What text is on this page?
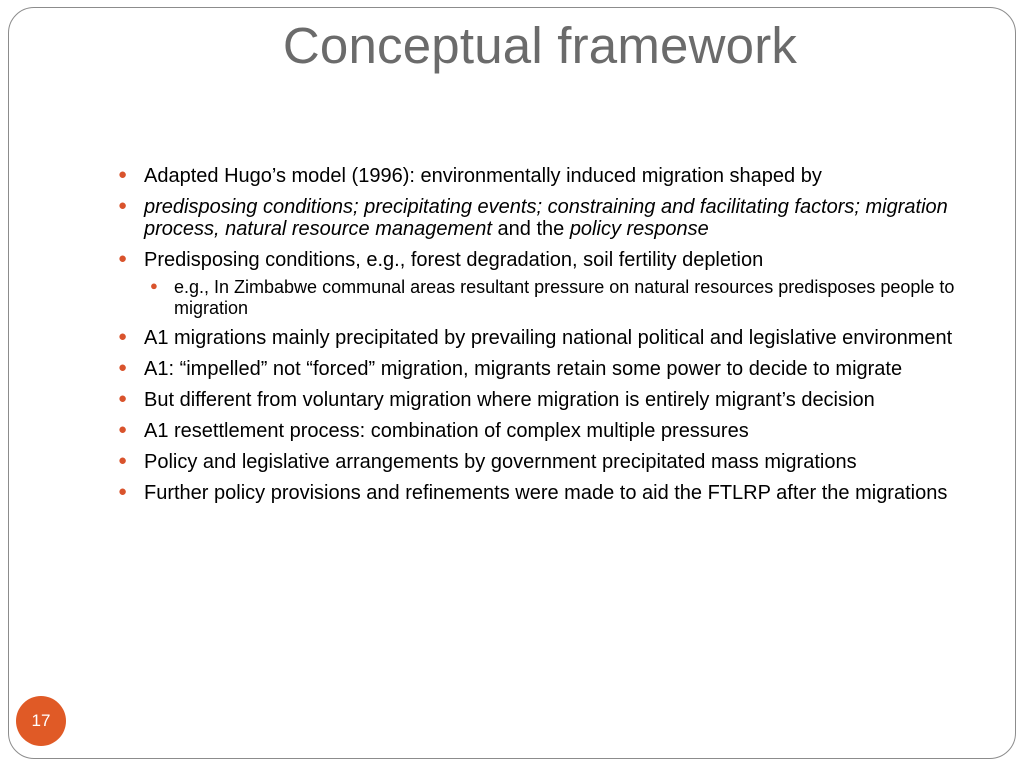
Conceptual framework
● Adapted Hugo’s model (1996): environmentally induced migration shaped by
● predisposing conditions; precipitating events; constraining and facilitating factors; migration process, natural resource management and the policy response
● Predisposing conditions, e.g., forest degradation, soil fertility depletion
● e.g., In Zimbabwe communal areas resultant pressure on natural resources predisposes people to migration
● A1 migrations mainly precipitated by prevailing national political and legislative environment
● A1: “impelled” not “forced” migration, migrants retain some power to decide to migrate
● But different from voluntary migration where migration is entirely migrant’s decision
● A1 resettlement process: combination of complex multiple pressures
● Policy and legislative arrangements by government precipitated mass migrations
● Further policy provisions and refinements were made to aid the FTLRP after the migrations
17
